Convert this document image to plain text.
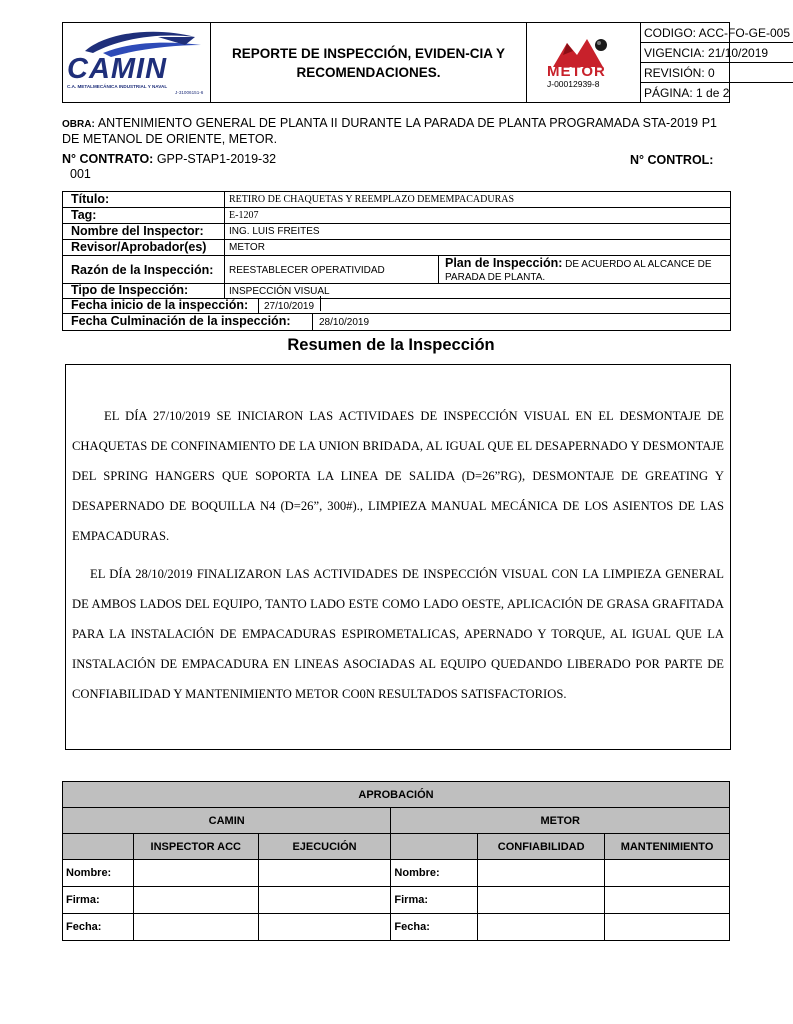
CAMIN
C.A. METALMECÁNICA INDUSTRIAL Y NAVAL
J-31006151-6
REPORTE DE INSPECCIÓN, EVIDEN-CIA Y RECOMENDACIONES.	METOR
J-00012939-8
CODIGO: ACC-FO-GE-005
VIGENCIA: 21/10/2019
REVISIÓN: 0
PÁGINA: 1 de 2
OBRA: ANTENIMIENTO GENERAL DE PLANTA II DURANTE LA PARADA DE PLANTA PROGRAMADA STA-2019 P1 DE METANOL DE ORIENTE, METOR.
N° CONTRATO: GPP-STAP1-2019-32	N° CONTROL:
001
Título:	RETIRO DE CHAQUETAS Y REEMPLAZO DEMEMPACADURAS
Tag:	E-1207
Nombre del Inspector:	ING. LUIS FREITES
Revisor/Aprobador(es) METOR
Razón de la Inspección: REESTABLECER OPERATIVIDAD
Plan de Inspección: DE ACUERDO AL ALCANCE DE PARADA DE PLANTA.
Tipo de Inspección:	INSPECCIÓN VISUAL
Fecha inicio de la inspección: 27/10/2019
Fecha Culminación de la inspección:	28/10/2019
Resumen de la Inspección

EL DÍA 27/10/2019 SE INICIARON LAS ACTIVIDAES DE INSPECCIÓN VISUAL EN EL DESMONTAJE DE CHAQUETAS DE CONFINAMIENTO DE LA UNION BRIDADA, AL IGUAL QUE EL DESAPERNADO Y DESMONTAJE DEL SPRING HANGERS QUE SOPORTA LA LINEA DE SALIDA (D=26”RG), DESMONTAJE DE GREATING Y DESAPERNADO DE BOQUILLA N4 (D=26”, 300#)., LIMPIEZA MANUAL MECÁNICA DE LOS ASIENTOS DE LAS EMPACADURAS.

EL DÍA 28/10/2019 FINALIZARON LAS ACTIVIDADES DE INSPECCIÓN VISUAL CON LA LIMPIEZA GENERAL DE AMBOS LADOS DEL EQUIPO, TANTO LADO ESTE COMO LADO OESTE, APLICACIÓN DE GRASA GRAFITADA PARA LA INSTALACIÓN DE EMPACADURAS ESPIROMETALICAS, APERNADO Y TORQUE, AL IGUAL QUE LA INSTALACIÓN DE EMPACADURA EN LINEAS ASOCIADAS AL EQUIPO QUEDANDO LIBERADO POR PARTE DE CONFIABILIDAD Y MANTENIMIENTO METOR CO0N RESULTADOS SATISFACTORIOS.

APROBACIÓN					
CAMIN			METOR		
	INSPECTOR ACC	EJECUCIÓN		CONFIABILIDAD	MANTENIMIENTO
Nombre:			Nombre:		
Firma:			Firma:		
Fecha:			Fecha:		
